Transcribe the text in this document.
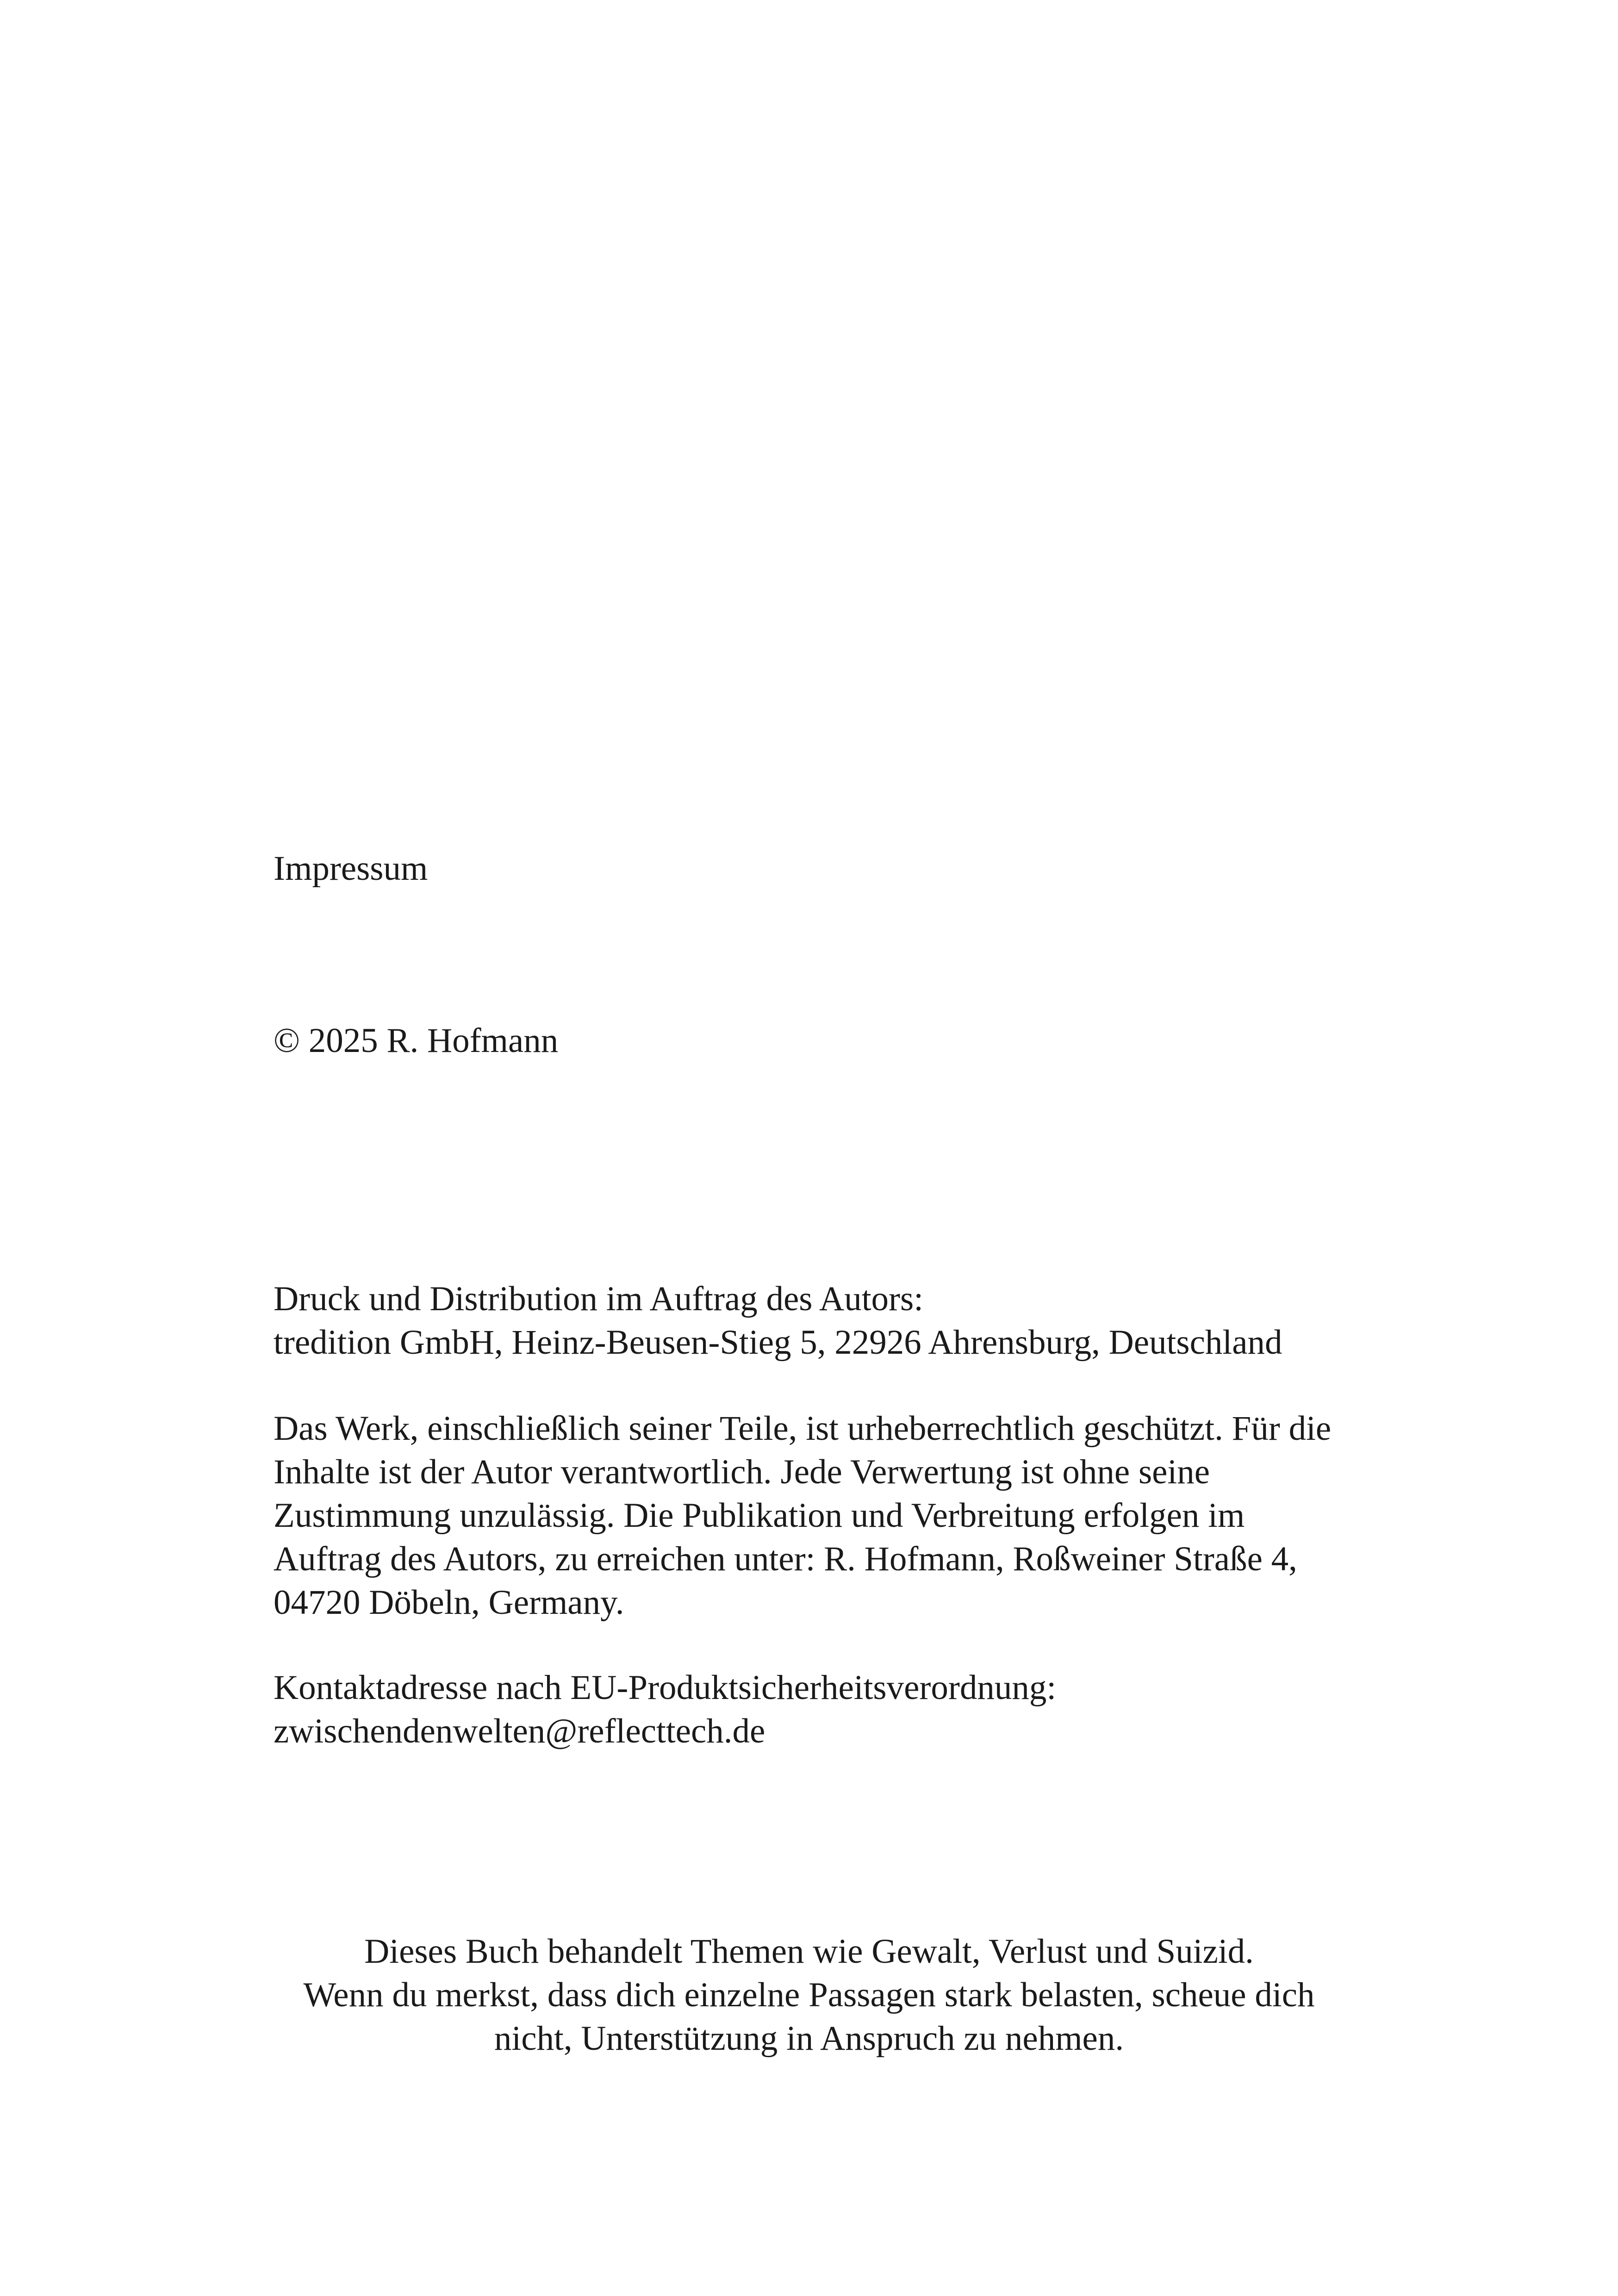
Impressum

© 2025 R. Hofmann

Druck und Distribution im Auftrag des Autors:

tredition GmbH, Heinz-Beusen-Stieg 5, 22926 Ahrensburg, Deutschland

Das Werk, einschließlich seiner Teile, ist urheberrechtlich geschützt. Für die

Inhalte ist der Autor verantwortlich. Jede Verwertung ist ohne seine

Zustimmung unzulässig. Die Publikation und Verbreitung erfolgen im

Auftrag des Autors, zu erreichen unter: R. Hofmann, Roßweiner Straße 4,

04720 Döbeln, Germany.

Kontaktadresse nach EU-Produktsicherheitsverordnung:

zwischendenwelten@reflecttech.de

Dieses Buch behandelt Themen wie Gewalt, Verlust und Suizid.

Wenn du merkst, dass dich einzelne Passagen stark belasten, scheue dich

nicht, Unterstützung in Anspruch zu nehmen.
